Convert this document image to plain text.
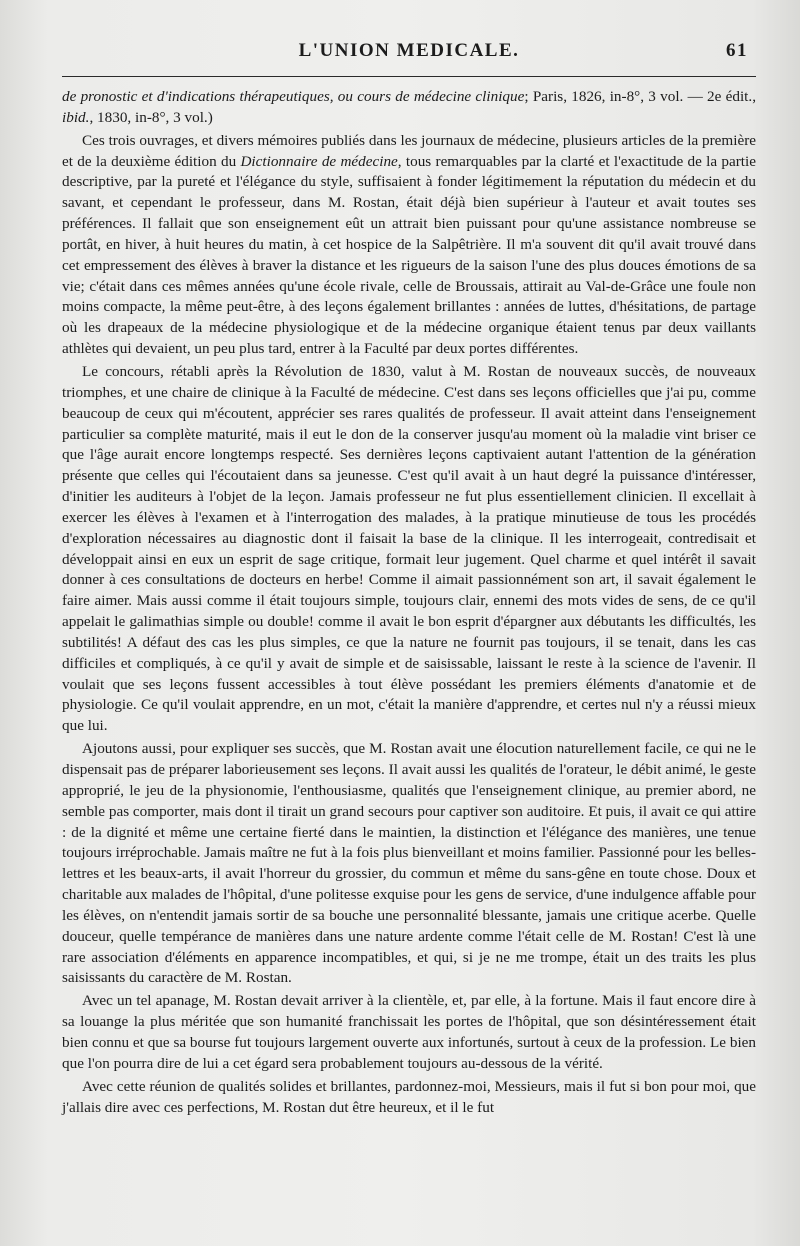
L'UNION MEDICALE.	61

de pronostic et d'indications thérapeutiques, ou cours de médecine clinique; Paris, 1826, in-8°, 3 vol. — 2e édit., ibid., 1830, in-8°, 3 vol.)

Ces trois ouvrages, et divers mémoires publiés dans les journaux de médecine, plusieurs articles de la première et de la deuxième édition du Dictionnaire de médecine, tous remarquables par la clarté et l'exactitude de la partie descriptive, par la pureté et l'élégance du style, suffisaient à fonder légitimement la réputation du médecin et du savant, et cependant le professeur, dans M. Rostan, était déjà bien supérieur à l'auteur et avait toutes ses préférences. Il fallait que son enseignement eût un attrait bien puissant pour qu'une assistance nombreuse se portât, en hiver, à huit heures du matin, à cet hospice de la Salpêtrière. Il m'a souvent dit qu'il avait trouvé dans cet empressement des élèves à braver la distance et les rigueurs de la saison l'une des plus douces émotions de sa vie; c'était dans ces mêmes années qu'une école rivale, celle de Broussais, attirait au Val-de-Grâce une foule non moins compacte, la même peut-être, à des leçons également brillantes : années de luttes, d'hésitations, de partage où les drapeaux de la médecine physiologique et de la médecine organique étaient tenus par deux vaillants athlètes qui devaient, un peu plus tard, entrer à la Faculté par deux portes différentes.

Le concours, rétabli après la Révolution de 1830, valut à M. Rostan de nouveaux succès, de nouveaux triomphes, et une chaire de clinique à la Faculté de médecine. C'est dans ses leçons officielles que j'ai pu, comme beaucoup de ceux qui m'écoutent, apprécier ses rares qualités de professeur. Il avait atteint dans l'enseignement particulier sa complète maturité, mais il eut le don de la conserver jusqu'au moment où la maladie vint briser ce que l'âge aurait encore longtemps respecté. Ses dernières leçons captivaient autant l'attention de la génération présente que celles qui l'écoutaient dans sa jeunesse. C'est qu'il avait à un haut degré la puissance d'intéresser, d'initier les auditeurs à l'objet de la leçon. Jamais professeur ne fut plus essentiellement clinicien. Il excellait à exercer les élèves à l'examen et à l'interrogation des malades, à la pratique minutieuse de tous les procédés d'exploration nécessaires au diagnostic dont il faisait la base de la clinique. Il les interrogeait, contredisait et développait ainsi en eux un esprit de sage critique, formait leur jugement. Quel charme et quel intérêt il savait donner à ces consultations de docteurs en herbe! Comme il aimait passionnément son art, il savait également le faire aimer. Mais aussi comme il était toujours simple, toujours clair, ennemi des mots vides de sens, de ce qu'il appelait le galimathias simple ou double! comme il avait le bon esprit d'épargner aux débutants les difficultés, les subtilités! A défaut des cas les plus simples, ce que la nature ne fournit pas toujours, il se tenait, dans les cas difficiles et compliqués, à ce qu'il y avait de simple et de saisissable, laissant le reste à la science de l'avenir. Il voulait que ses leçons fussent accessibles à tout élève possédant les premiers éléments d'anatomie et de physiologie. Ce qu'il voulait apprendre, en un mot, c'était la manière d'apprendre, et certes nul n'y a réussi mieux que lui.

Ajoutons aussi, pour expliquer ses succès, que M. Rostan avait une élocution naturellement facile, ce qui ne le dispensait pas de préparer laborieusement ses leçons. Il avait aussi les qualités de l'orateur, le débit animé, le geste approprié, le jeu de la physionomie, l'enthousiasme, qualités que l'enseignement clinique, au premier abord, ne semble pas comporter, mais dont il tirait un grand secours pour captiver son auditoire. Et puis, il avait ce qui attire : de la dignité et même une certaine fierté dans le maintien, la distinction et l'élégance des manières, une tenue toujours irréprochable. Jamais maître ne fut à la fois plus bienveillant et moins familier. Passionné pour les belles-lettres et les beaux-arts, il avait l'horreur du grossier, du commun et même du sans-gêne en toute chose. Doux et charitable aux malades de l'hôpital, d'une politesse exquise pour les gens de service, d'une indulgence affable pour les élèves, on n'entendit jamais sortir de sa bouche une personnalité blessante, jamais une critique acerbe. Quelle douceur, quelle tempérance de manières dans une nature ardente comme l'était celle de M. Rostan! C'est là une rare association d'éléments en apparence incompatibles, et qui, si je ne me trompe, était un des traits les plus saisissants du caractère de M. Rostan.

Avec un tel apanage, M. Rostan devait arriver à la clientèle, et, par elle, à la fortune. Mais il faut encore dire à sa louange la plus méritée que son humanité franchissait les portes de l'hôpital, que son désintéressement était bien connu et que sa bourse fut toujours largement ouverte aux infortunés, surtout à ceux de la profession. Le bien que l'on pourra dire de lui a cet égard sera probablement toujours au-dessous de la vérité.

Avec cette réunion de qualités solides et brillantes, pardonnez-moi, Messieurs, mais il fut si bon pour moi, que j'allais dire avec ces perfections, M. Rostan dut être heureux, et il le fut
